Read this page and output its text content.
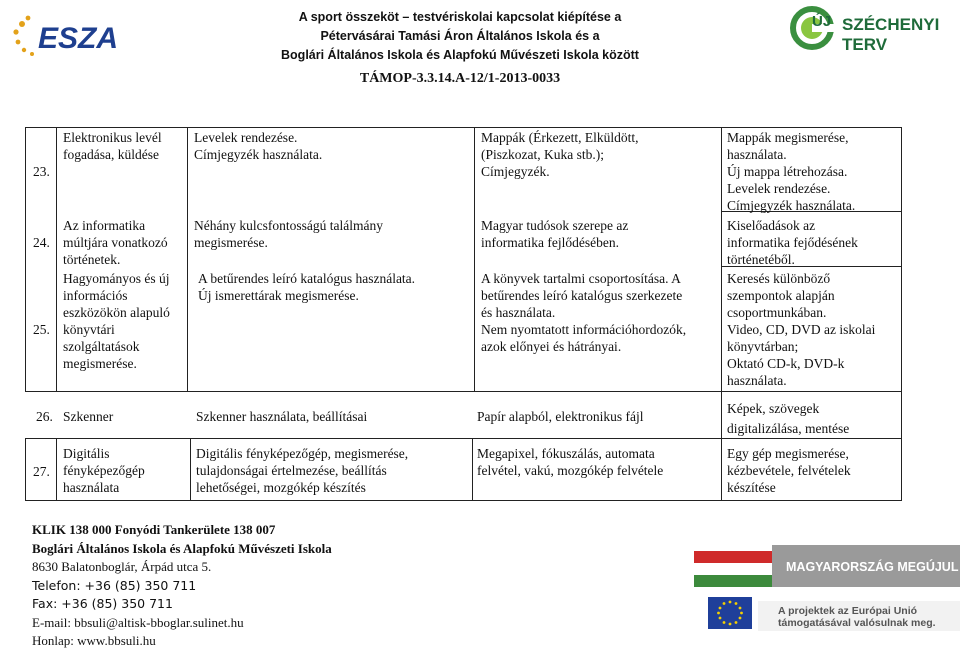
ESZA
A sport összeköt – testvériskolai kapcsolat kiépítése a
Pétervásárai Tamási Áron Általános Iskola és a
Boglári Általános Iskola és Alapfokú Művészeti Iskola között
TÁMOP-3.3.14.A-12/1-2013-0033
ÚJ SZÉCHENYI TERV
23.
Elektronikus levél
fogadása, küldése
Levelek rendezése.
Címjegyzék használata.
Mappák (Érkezett, Elküldött,
(Piszkozat, Kuka stb.);
Címjegyzék.
Mappák megismerése,
használata.
Új mappa létrehozása.
Levelek rendezése.
Címjegyzék használata.
24.
Az informatika
múltjára vonatkozó
történetek.
Néhány kulcsfontosságú találmány
megismerése.
Magyar tudósok szerepe az
informatika fejlődésében.
Kiselőadások az
informatika fejődésének
történetéből.
25.
Hagyományos és új
információs
eszközökön alapuló
könyvtári
szolgáltatások
megismerése.
A betűrendes leíró katalógus használata.
Új ismerettárak megismerése.
A könyvek tartalmi csoportosítása. A
betűrendes leíró katalógus szerkezete
és használata.
Nem nyomtatott információhordozók,
azok előnyei és hátrányai.
Keresés különböző
szempontok alapján
csoportmunkában.
Video, CD, DVD az iskolai
könyvtárban;
Oktató CD-k, DVD-k
használata.
26. Szkenner	Szkenner használata, beállításai	Papír alapból, elektronikus fájl
Képek, szövegek
digitalizálása, mentése
27.
Digitális
fényképezőgép
használata
Digitális fényképezőgép, megismerése,
tulajdonságai értelmezése, beállítás
lehetőségei, mozgókép készítés
Megapixel, fókuszálás, automata
felvétel, vakú, mozgókép felvétele
Egy gép megismerése,
kézbevétele, felvételek
készítése
KLIK 138 000 Fonyódi Tankerülete 138 007
Boglári Általános Iskola és Alapfokú Művészeti Iskola
8630 Balatonboglár, Árpád utca 5.
Telefon: +36 (85) 350 711
Fax: +36 (85) 350 711
E-mail: bbsuli@altisk-bboglar.sulinet.hu
Honlap: www.bbsuli.hu
MAGYARORSZÁG MEGÚJUL
A projektek az Európai Unió
támogatásával valósulnak meg.
